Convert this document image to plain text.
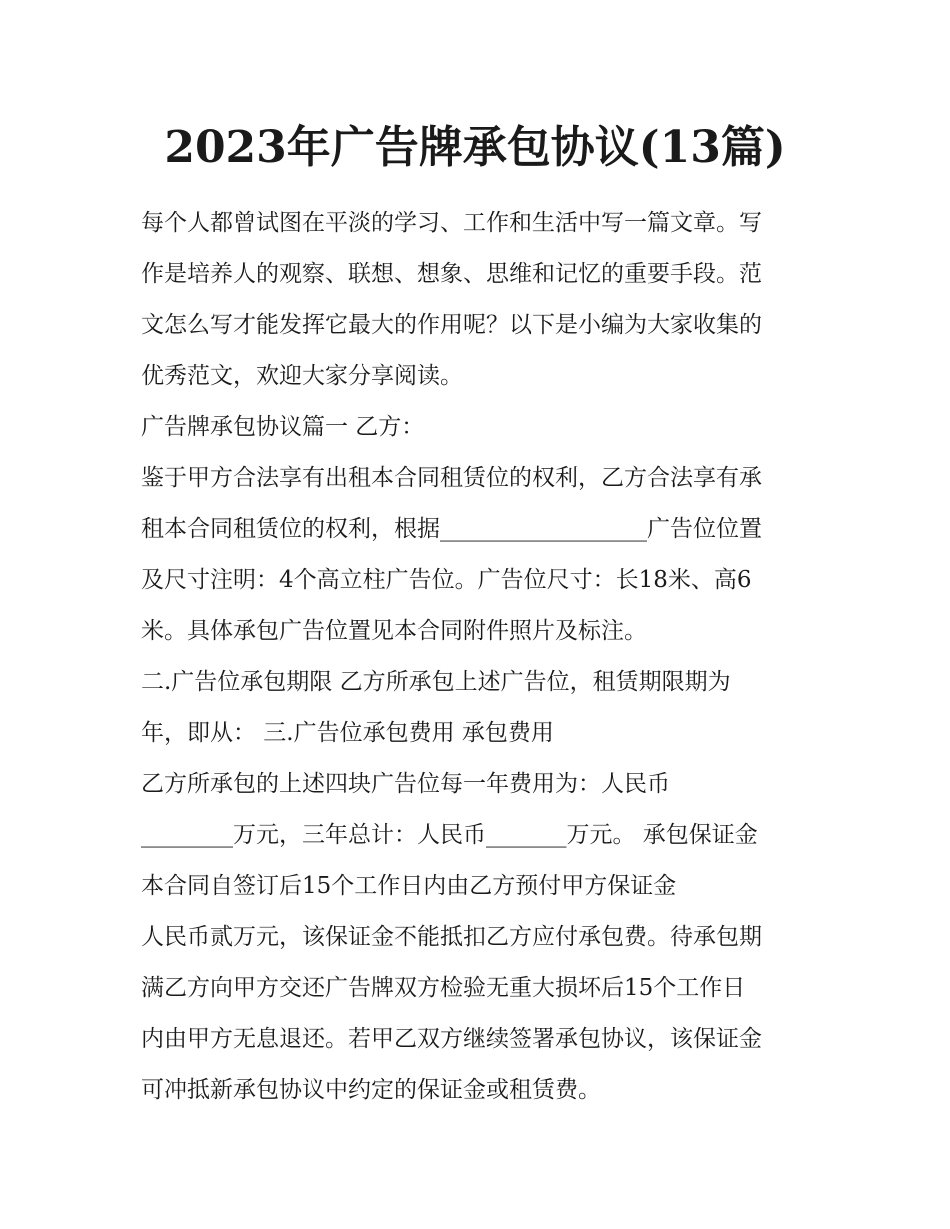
2023年广告牌承包协议(13篇)
每个人都曾试图在平淡的学习、工作和生活中写一篇文章。写
作是培养人的观察、联想、想象、思维和记忆的重要手段。范
文怎么写才能发挥它最大的作用呢？以下是小编为大家收集的
优秀范文，欢迎大家分享阅读。
广告牌承包协议篇一 乙方：
鉴于甲方合法享有出租本合同租赁位的权利，乙方合法享有承
租本合同租赁位的权利，根据__________________广告位位置
及尺寸注明：4个高立柱广告位。广告位尺寸：长18米、高6
米。具体承包广告位置见本合同附件照片及标注。
二.广告位承包期限 乙方所承包上述广告位，租赁期限期为
年，即从： 三.广告位承包费用 承包费用
乙方所承包的上述四块广告位每一年费用为：人民币
________万元，三年总计：人民币_______万元。 承包保证金
本合同自签订后15个工作日内由乙方预付甲方保证金
人民币贰万元，该保证金不能抵扣乙方应付承包费。待承包期
满乙方向甲方交还广告牌双方检验无重大损坏后15个工作日
内由甲方无息退还。若甲乙双方继续签署承包协议，该保证金
可冲抵新承包协议中约定的保证金或租赁费。
